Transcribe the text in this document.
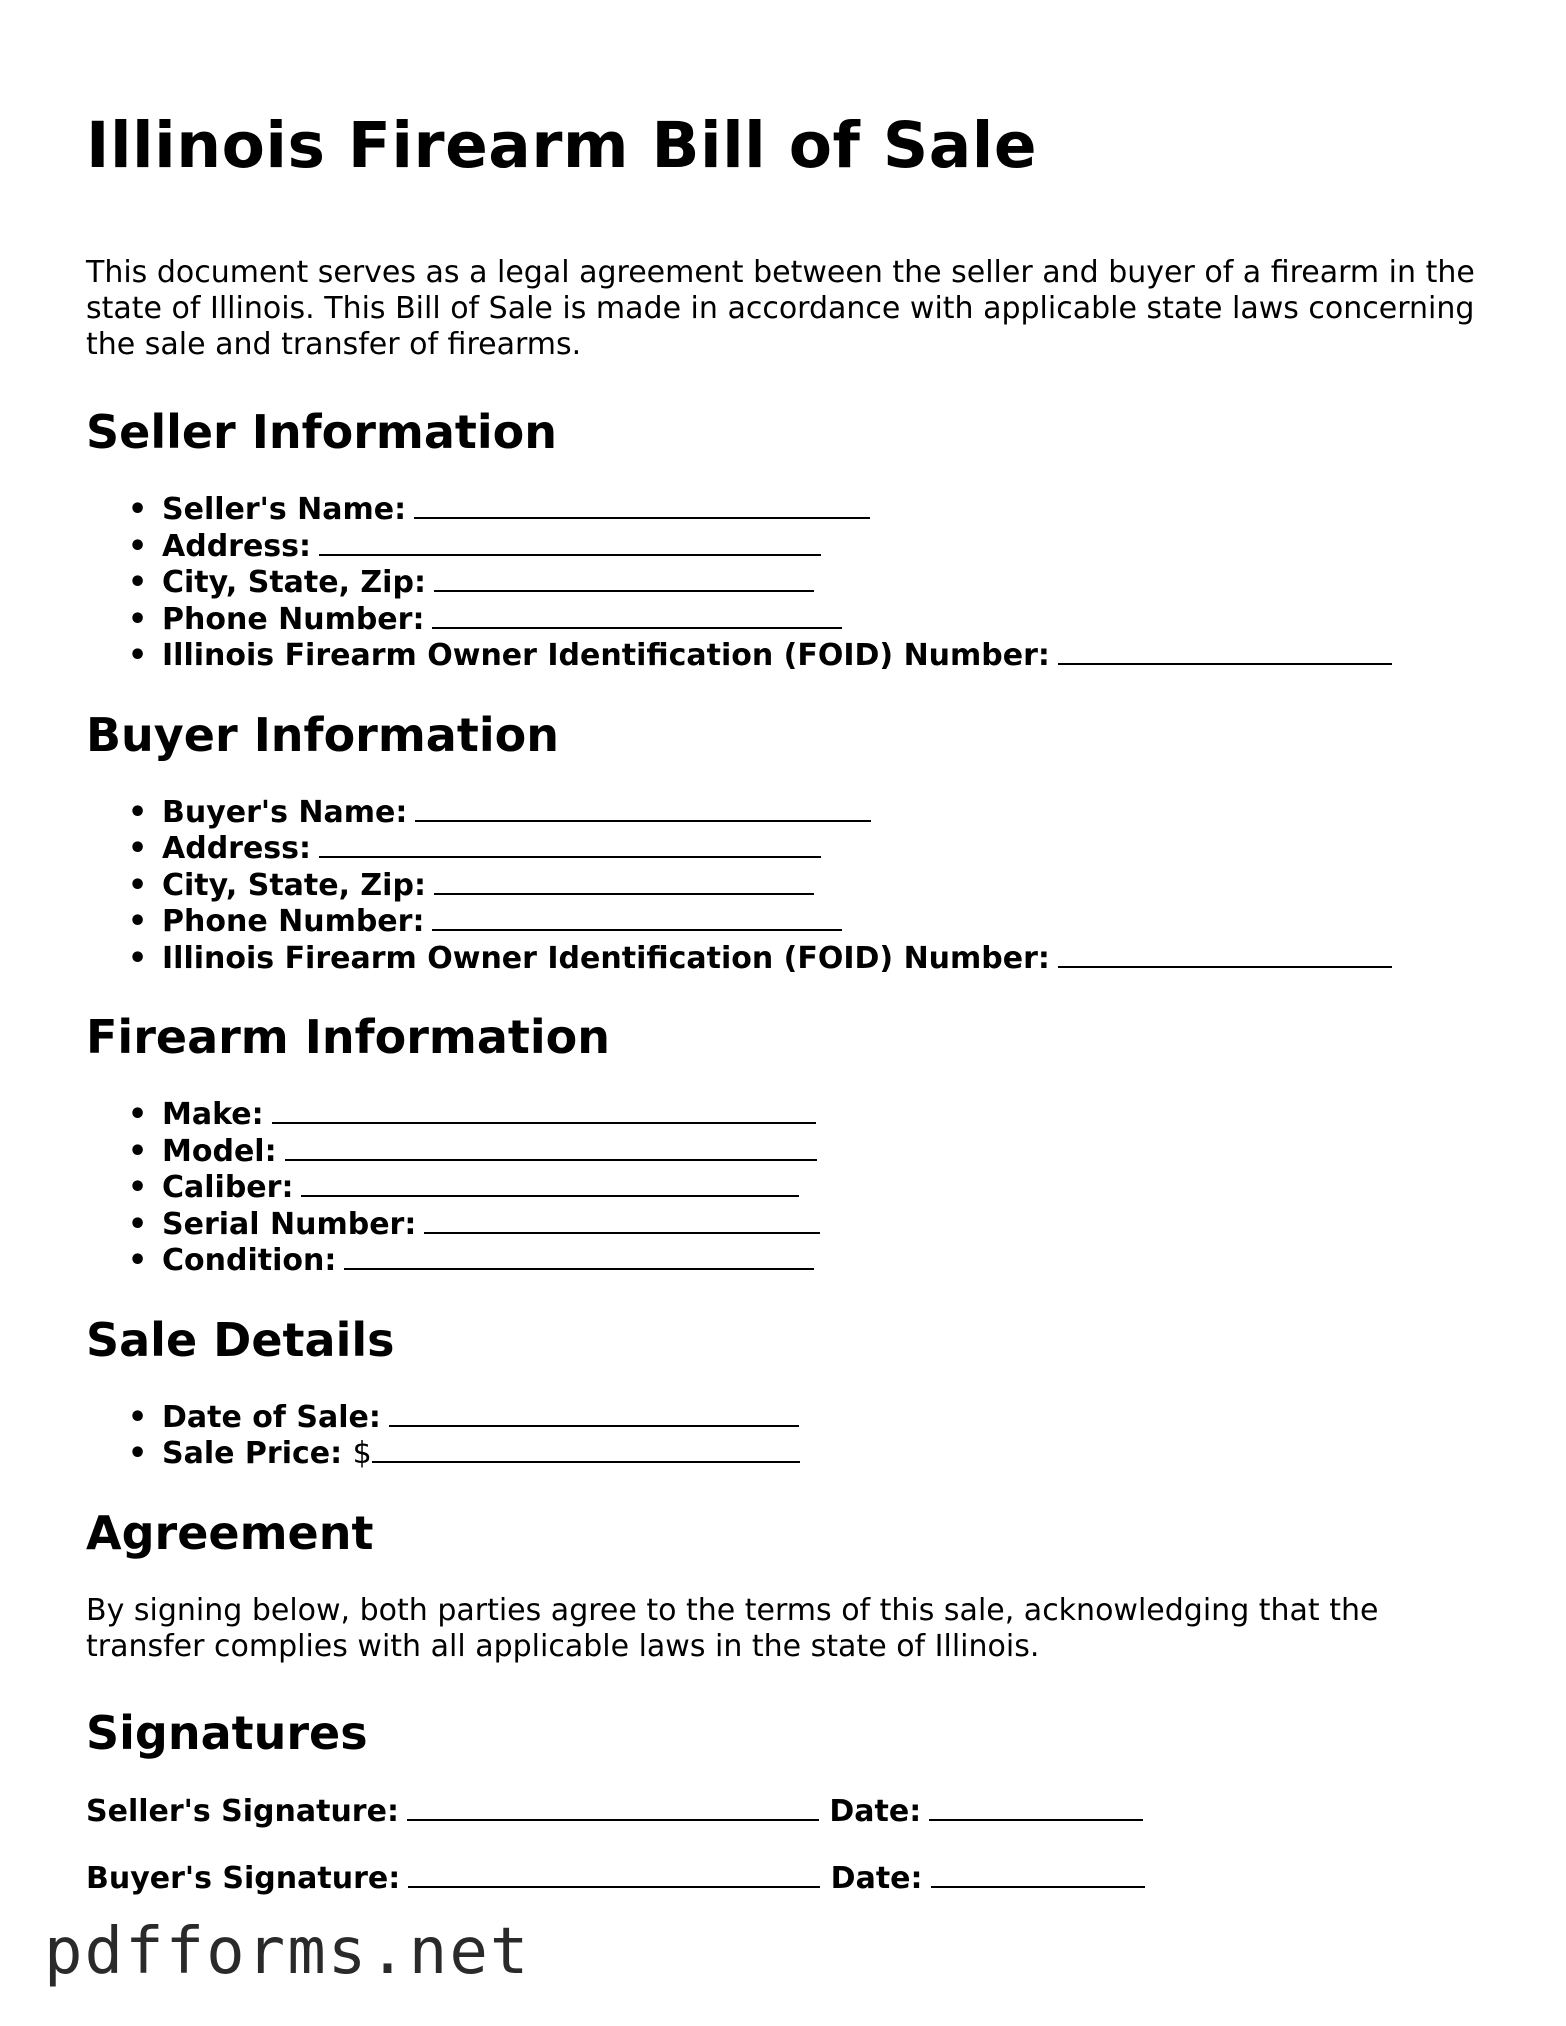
Illinois Firearm Bill of Sale

This document serves as a legal agreement between the seller and buyer of a firearm in the state of Illinois. This Bill of Sale is made in accordance with applicable state laws concerning the sale and transfer of firearms.

Seller Information
• Seller's Name:
• Address:
• City, State, Zip:
• Phone Number:
• Illinois Firearm Owner Identification (FOID) Number:
Buyer Information
• Buyer's Name:
• Address:
• City, State, Zip:
• Phone Number:
• Illinois Firearm Owner Identification (FOID) Number:
Firearm Information
• Make:
• Model:
• Caliber:
• Serial Number:
• Condition:
Sale Details
• Date of Sale:
• Sale Price: $
Agreement

By signing below, both parties agree to the terms of this sale, acknowledging that the transfer complies with all applicable laws in the state of Illinois.

Signatures
Seller's Signature:	Date:
Buyer's Signature:	Date:
pdfforms.net
